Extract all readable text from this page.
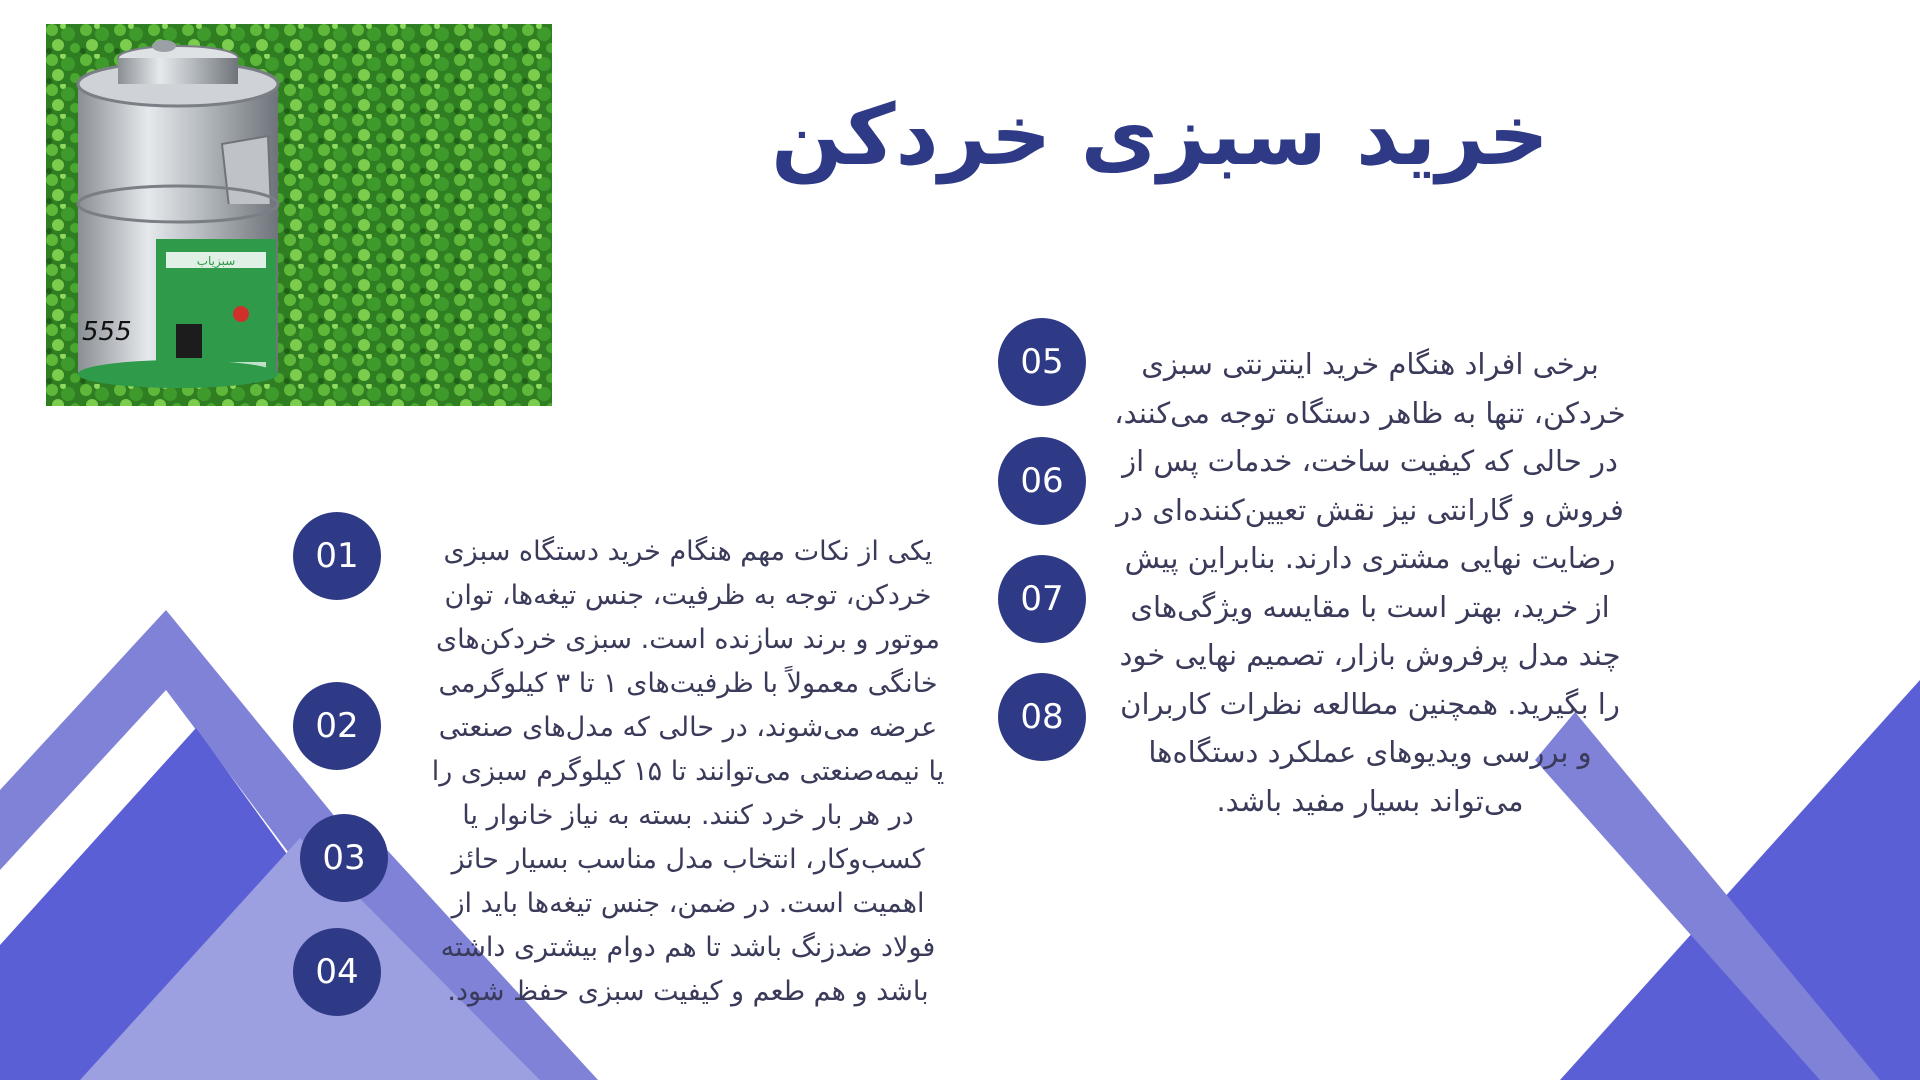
سبزیاب
555
خرید سبزی خردکن
01
02
03
04
05
06
07
08

یکی از نکات مهم هنگام خرید دستگاه سبزی خردکن، توجه به ظرفیت، جنس تیغه‌ها، توان موتور و برند سازنده است. سبزی خردکن‌های خانگی معمولاً با ظرفیت‌های ۱ تا ۳ کیلوگرمی عرضه می‌شوند، در حالی که مدل‌های صنعتی یا نیمه‌صنعتی می‌توانند تا ۱۵ کیلوگرم سبزی را در هر بار خرد کنند. بسته به نیاز خانوار یا کسب‌وکار، انتخاب مدل مناسب بسیار حائز اهمیت است. در ضمن، جنس تیغه‌ها باید از فولاد ضدزنگ باشد تا هم دوام بیشتری داشته باشد و هم طعم و کیفیت سبزی حفظ شود.

برخی افراد هنگام خرید اینترنتی سبزی خردکن، تنها به ظاهر دستگاه توجه می‌کنند، در حالی که کیفیت ساخت، خدمات پس از فروش و گارانتی نیز نقش تعیین‌کننده‌ای در رضایت نهایی مشتری دارند. بنابراین پیش از خرید، بهتر است با مقایسه ویژگی‌های چند مدل پرفروش بازار، تصمیم نهایی خود را بگیرید. همچنین مطالعه نظرات کاربران و بررسی ویدیوهای عملکرد دستگاه‌ها می‌تواند بسیار مفید باشد.
